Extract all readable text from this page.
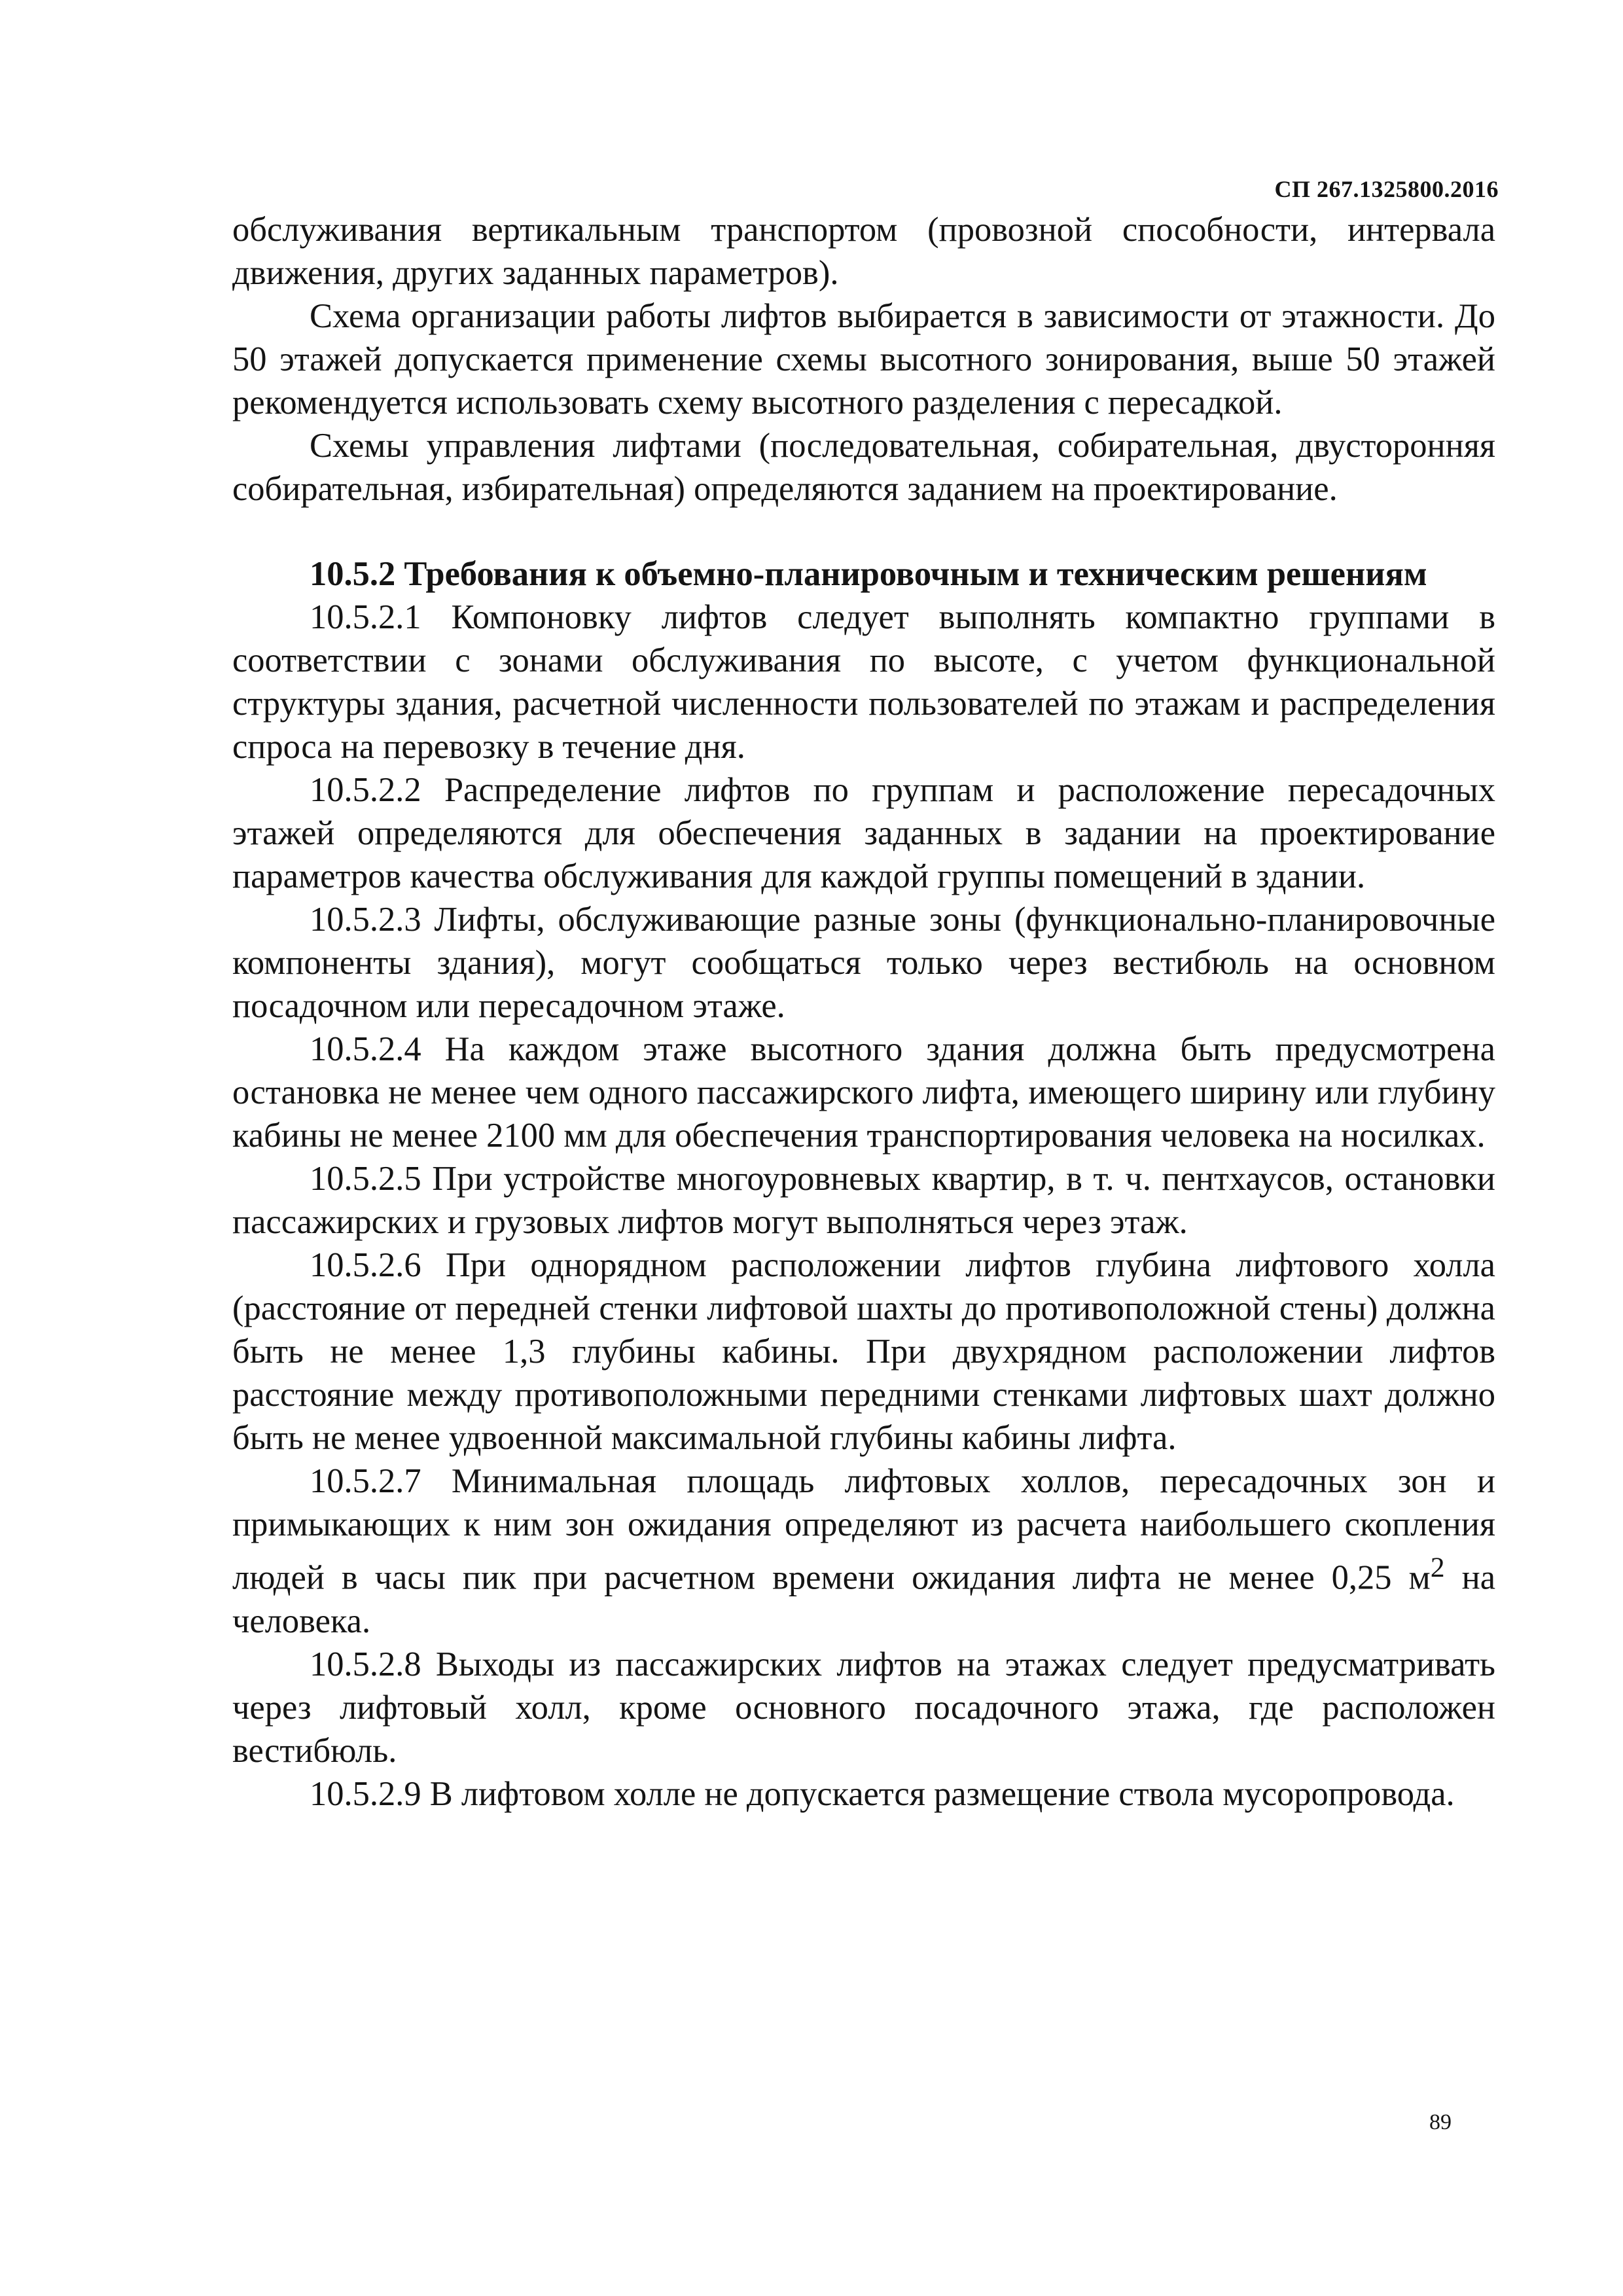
СП 267.1325800.2016

обслуживания вертикальным транспортом (провозной способности, интервала движения, других заданных параметров).

Схема организации работы лифтов выбирается в зависимости от этажности. До 50 этажей допускается применение схемы высотного зонирования, выше 50 этажей рекомендуется использовать схему высотного разделения с пересадкой.

Схемы управления лифтами (последовательная, собирательная, двусторонняя собирательная, избирательная) определяются заданием на проектирование.

10.5.2 Требования к объемно-планировочным и техническим решениям

10.5.2.1 Компоновку лифтов следует выполнять компактно группами в соответствии с зонами обслуживания по высоте, с учетом функциональной структуры здания, расчетной численности пользователей по этажам и распределения спроса на перевозку в течение дня.

10.5.2.2 Распределение лифтов по группам и расположение пересадочных этажей определяются для обеспечения заданных в задании на проектирование параметров качества обслуживания для каждой группы помещений в здании.

10.5.2.3 Лифты, обслуживающие разные зоны (функционально-планировочные компоненты здания), могут сообщаться только через вестибюль на основном посадочном или пересадочном этаже.

10.5.2.4 На каждом этаже высотного здания должна быть предусмотрена остановка не менее чем одного пассажирского лифта, имеющего ширину или глубину кабины не менее 2100 мм для обеспечения транспортирования человека на носилках.

10.5.2.5 При устройстве многоуровневых квартир, в т. ч. пентхаусов, остановки пассажирских и грузовых лифтов могут выполняться через этаж.

10.5.2.6 При однорядном расположении лифтов глубина лифтового холла (расстояние от передней стенки лифтовой шахты до противоположной стены) должна быть не менее 1,3 глубины кабины. При двухрядном расположении лифтов расстояние между противоположными передними стенками лифтовых шахт должно быть не менее удвоенной максимальной глубины кабины лифта.

10.5.2.7 Минимальная площадь лифтовых холлов, пересадочных зон и примыкающих к ним зон ожидания определяют из расчета наибольшего скопления людей в часы пик при расчетном времени ожидания лифта не менее 0,25 $м^2$ на человека.

10.5.2.8 Выходы из пассажирских лифтов на этажах следует предусматривать через лифтовый холл, кроме основного посадочного этажа, где расположен вестибюль.

10.5.2.9 В лифтовом холле не допускается размещение ствола мусоропровода.

89
